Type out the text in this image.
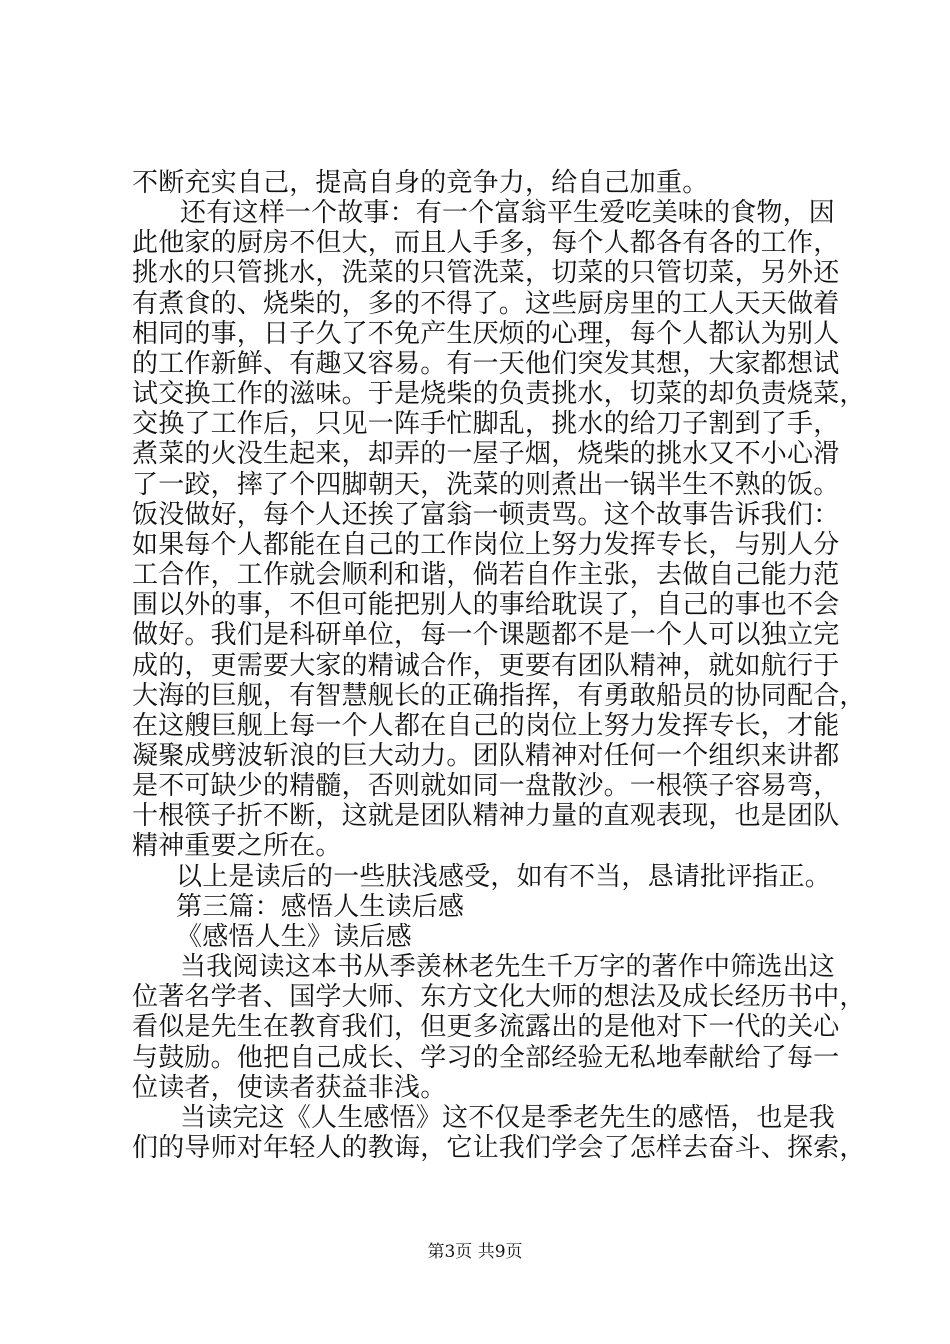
不断充实自己，提高自身的竞争力，给自己加重。
还有这样一个故事：有一个富翁平生爱吃美味的食物，因
此他家的厨房不但大，而且人手多，每个人都各有各的工作，
挑水的只管挑水，洗菜的只管洗菜，切菜的只管切菜，另外还
有煮食的、烧柴的，多的不得了。这些厨房里的工人天天做着
相同的事，日子久了不免产生厌烦的心理，每个人都认为别人
的工作新鲜、有趣又容易。有一天他们突发其想，大家都想试
试交换工作的滋味。于是烧柴的负责挑水，切菜的却负责烧菜，
交换了工作后，只见一阵手忙脚乱，挑水的给刀子割到了手，
煮菜的火没生起来，却弄的一屋子烟，烧柴的挑水又不小心滑
了一跤，摔了个四脚朝天，洗菜的则煮出一锅半生不熟的饭。
饭没做好，每个人还挨了富翁一顿责骂。这个故事告诉我们：
如果每个人都能在自己的工作岗位上努力发挥专长，与别人分
工合作，工作就会顺利和谐，倘若自作主张，去做自己能力范
围以外的事，不但可能把别人的事给耽误了，自己的事也不会
做好。我们是科研单位，每一个课题都不是一个人可以独立完
成的，更需要大家的精诚合作，更要有团队精神，就如航行于
大海的巨舰，有智慧舰长的正确指挥，有勇敢船员的协同配合，
在这艘巨舰上每一个人都在自己的岗位上努力发挥专长，才能
凝聚成劈波斩浪的巨大动力。团队精神对任何一个组织来讲都
是不可缺少的精髓，否则就如同一盘散沙。一根筷子容易弯，
十根筷子折不断，这就是团队精神力量的直观表现，也是团队
精神重要之所在。
以上是读后的一些肤浅感受，如有不当，恳请批评指正。
第三篇：感悟人生读后感
《感悟人生》读后感
当我阅读这本书从季羡林老先生千万字的著作中筛选出这
位著名学者、国学大师、东方文化大师的想法及成长经历书中，
看似是先生在教育我们，但更多流露出的是他对下一代的关心
与鼓励。他把自己成长、学习的全部经验无私地奉献给了每一
位读者，使读者获益非浅。
当读完这《人生感悟》这不仅是季老先生的感悟，也是我
们的导师对年轻人的教诲，它让我们学会了怎样去奋斗、探索，
第3页 共9页
